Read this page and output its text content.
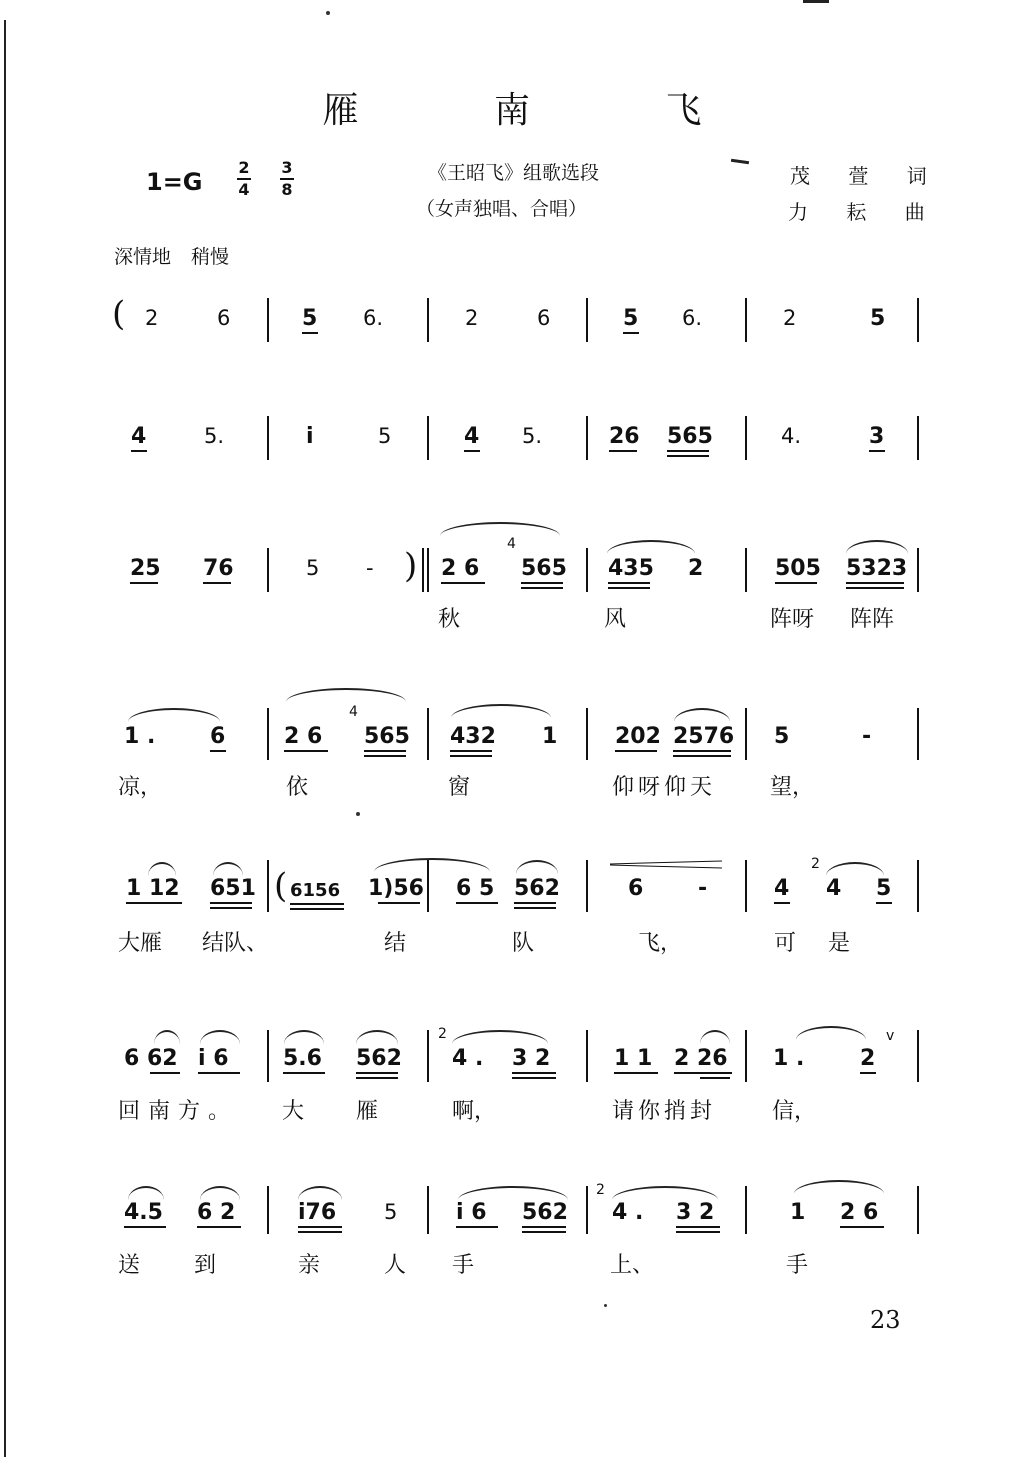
雁 南 飞
1=G
2
4
3
8
《王昭飞》组歌选段
（女声独唱、合唱）
茂 萱 词
力 耘 曲
深情地 稍慢
( 2	6	5 6.	2	6	5 6.	2	5
4	5.	i	5	4 5.	26 565	4.	3
25 76	5 - ) 2 6
4
565 435 2	505 5323
秋	风	阵呀 阵阵
1 . 6	2 6
4
565 432 1	202 2576 5	-
凉，	依	窗	仰呀仰天 望，
1 12 651 ( 6156 1)56 6 5 562	6 -	4
2
4 5
大雁 结队、	结	队	飞，	可 是
6 62 i 6 5.6 562
2
4 . 3 2	1 1 2 26 1 .	2
v
回南方。 大 雁	啊，	请你捎封	信，
4.5 6 2	i76 5	i 6 562
2
4 . 3 2	1 2 6
送 到	亲	人 手	上、	手
23
